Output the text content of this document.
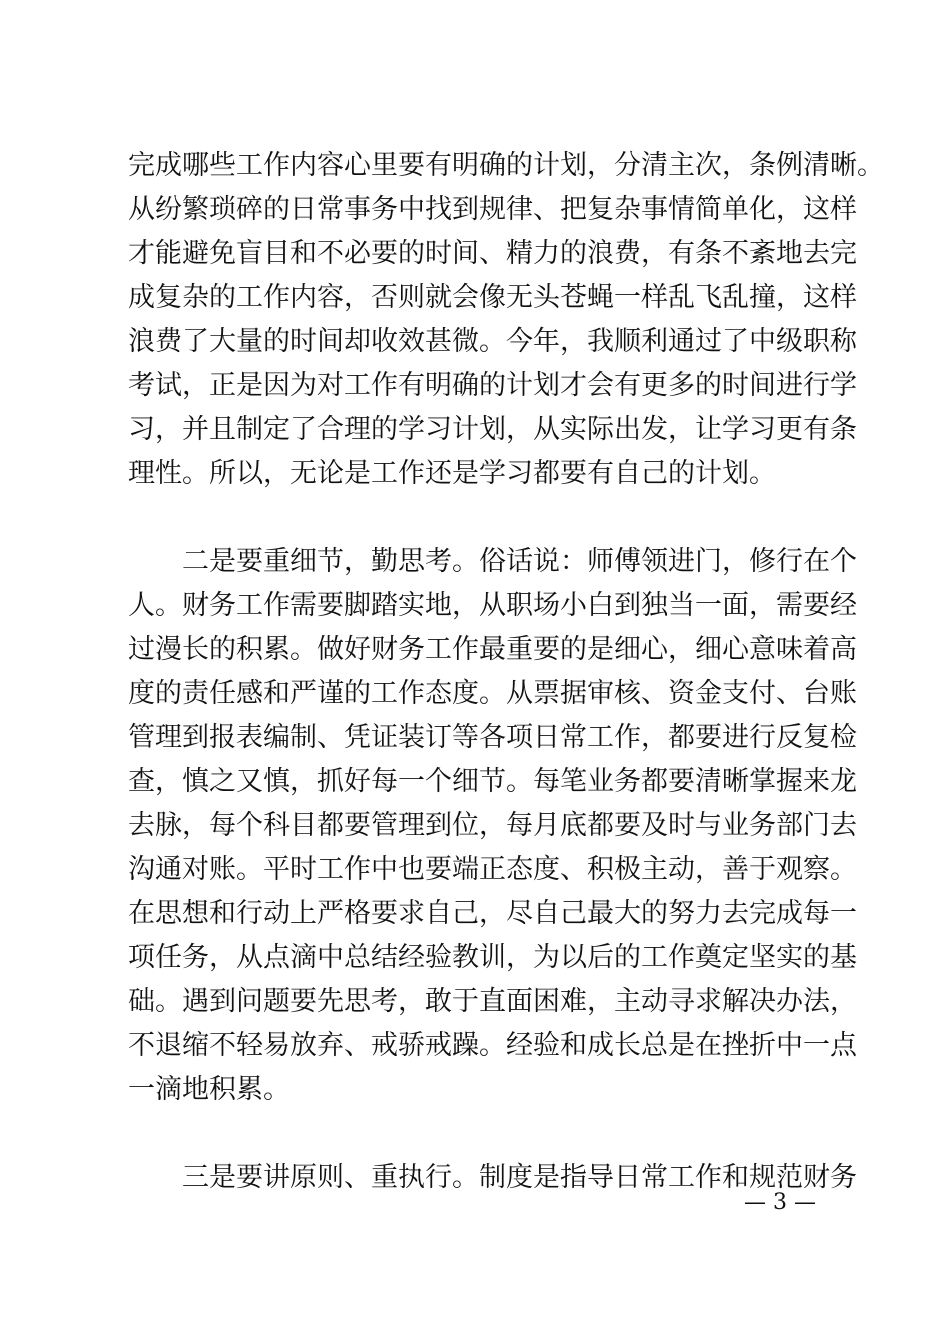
完成哪些工作内容心里要有明确的计划，分清主次，条例清晰。
从纷繁琐碎的日常事务中找到规律、把复杂事情简单化，这样
才能避免盲目和不必要的时间、精力的浪费，有条不紊地去完
成复杂的工作内容，否则就会像无头苍蝇一样乱飞乱撞，这样
浪费了大量的时间却收效甚微。今年，我顺利通过了中级职称
考试，正是因为对工作有明确的计划才会有更多的时间进行学
习，并且制定了合理的学习计划，从实际出发，让学习更有条
理性。所以，无论是工作还是学习都要有自己的计划。
二是要重细节，勤思考。俗话说：师傅领进门，修行在个
人。财务工作需要脚踏实地，从职场小白到独当一面，需要经
过漫长的积累。做好财务工作最重要的是细心，细心意味着高
度的责任感和严谨的工作态度。从票据审核、资金支付、台账
管理到报表编制、凭证装订等各项日常工作，都要进行反复检
查，慎之又慎，抓好每一个细节。每笔业务都要清晰掌握来龙
去脉，每个科目都要管理到位，每月底都要及时与业务部门去
沟通对账。平时工作中也要端正态度、积极主动，善于观察。
在思想和行动上严格要求自己，尽自己最大的努力去完成每一
项任务，从点滴中总结经验教训，为以后的工作奠定坚实的基
础。遇到问题要先思考，敢于直面困难，主动寻求解决办法，
不退缩不轻易放弃、戒骄戒躁。经验和成长总是在挫折中一点
一滴地积累。
三是要讲原则、重执行。制度是指导日常工作和规范财务
— 3 —
